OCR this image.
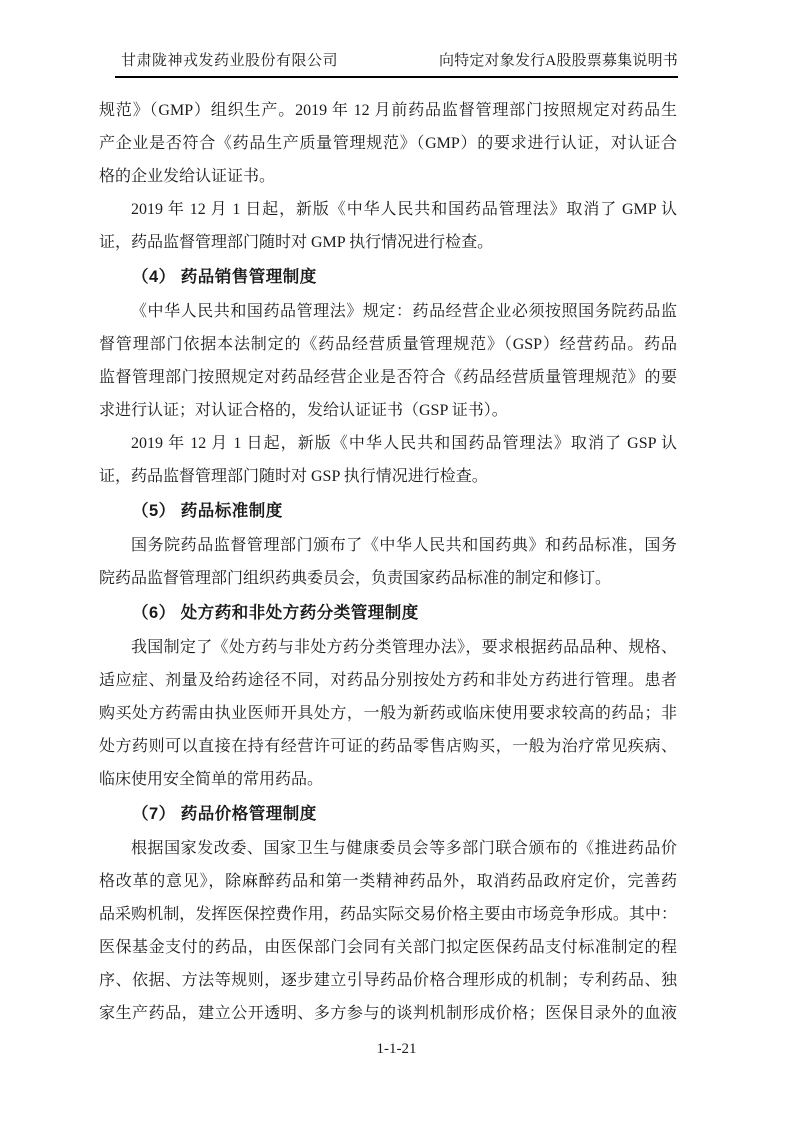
甘肃陇神戎发药业股份有限公司	向特定对象发行A股股票募集说明书
规范》（GMP）组织生产。2019 年 12 月前药品监督管理部门按照规定对药品生
产企业是否符合《药品生产质量管理规范》（GMP）的要求进行认证，对认证合
格的企业发给认证证书。
2019 年 12 月 1 日起，新版《中华人民共和国药品管理法》取消了 GMP 认
证，药品监督管理部门随时对 GMP 执行情况进行检查。
（4） 药品销售管理制度
《中华人民共和国药品管理法》规定：药品经营企业必须按照国务院药品监
督管理部门依据本法制定的《药品经营质量管理规范》（GSP）经营药品。药品
监督管理部门按照规定对药品经营企业是否符合《药品经营质量管理规范》的要
求进行认证；对认证合格的，发给认证证书（GSP 证书）。
2019 年 12 月 1 日起，新版《中华人民共和国药品管理法》取消了 GSP 认
证，药品监督管理部门随时对 GSP 执行情况进行检查。
（5） 药品标准制度
国务院药品监督管理部门颁布了《中华人民共和国药典》和药品标准，国务
院药品监督管理部门组织药典委员会，负责国家药品标准的制定和修订。
（6） 处方药和非处方药分类管理制度
我国制定了《处方药与非处方药分类管理办法》，要求根据药品品种、规格、
适应症、剂量及给药途径不同，对药品分别按处方药和非处方药进行管理。患者
购买处方药需由执业医师开具处方，一般为新药或临床使用要求较高的药品；非
处方药则可以直接在持有经营许可证的药品零售店购买，一般为治疗常见疾病、
临床使用安全简单的常用药品。
（7） 药品价格管理制度
根据国家发改委、国家卫生与健康委员会等多部门联合颁布的《推进药品价
格改革的意见》，除麻醉药品和第一类精神药品外，取消药品政府定价，完善药
品采购机制，发挥医保控费作用，药品实际交易价格主要由市场竞争形成。其中：
医保基金支付的药品，由医保部门会同有关部门拟定医保药品支付标准制定的程
序、依据、方法等规则，逐步建立引导药品价格合理形成的机制；专利药品、独
家生产药品，建立公开透明、多方参与的谈判机制形成价格；医保目录外的血液
1-1-21
